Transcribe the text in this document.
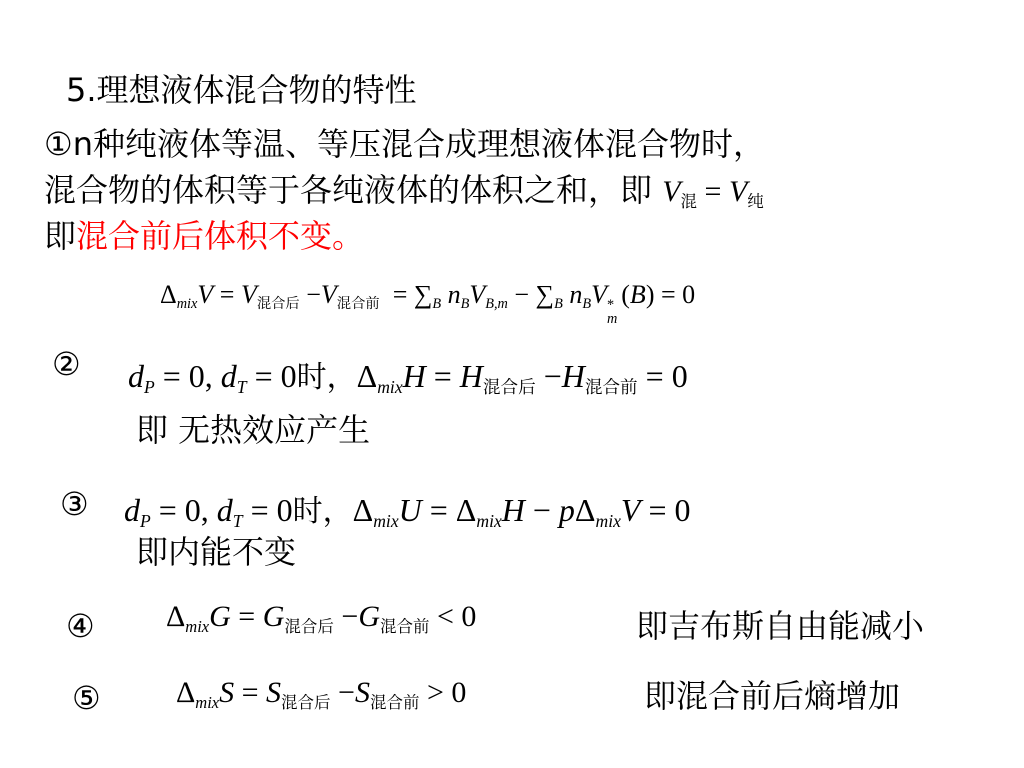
5.理想液体混合物的特性
①n种纯液体等温、等压混合成理想液体混合物时，
混合物的体积等于各纯液体的体积之和，即 V混 = V纯
即混合前后体积不变。
$\Delta_{mix}V = V$混合后 −V混合前  = $\sum_B$ $n_BV_{B,m} - \sum_B$ $n_BV$ *
m
(B) = 0
② $d_P = 0$, $d_T = 0$时，$\Delta_{mix}H = H$混合后 −H混合前 = 0
即 无热效应产生
③ $d_P = 0$, $d_T = 0$时，$\Delta_{mix}U = \Delta_{mix}H - p\Delta_{mix}V = 0$
即内能不变
④ $\Delta_{mix}G = G$混合后 −G混合前 < 0	即吉布斯自由能减小
⑤	$\Delta_{mix}S = S$混合后 −S混合前 > 0	即混合前后熵增加
